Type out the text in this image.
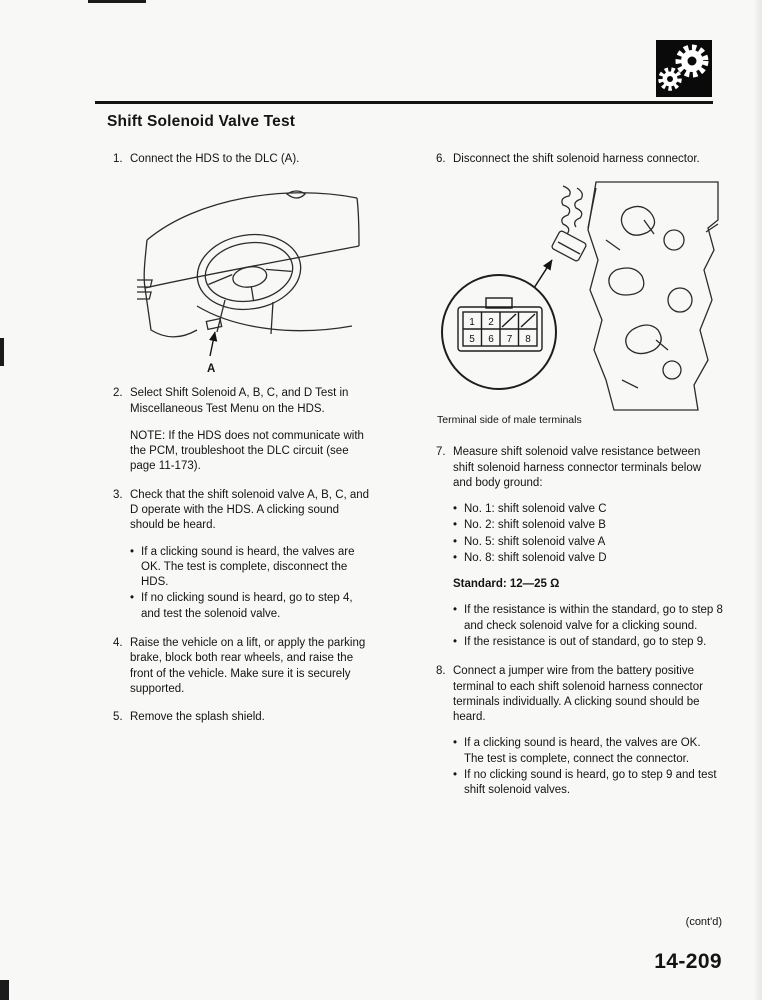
Shift Solenoid Valve Test
1. Connect the HDS to the DLC (A).
A
2. Select Shift Solenoid A, B, C, and D Test in Miscellaneous Test Menu on the HDS.

NOTE: If the HDS does not communicate with the PCM, troubleshoot the DLC circuit (see page 11-173).

3. Check that the shift solenoid valve A, B, C, and D operate with the HDS. A clicking sound should be heard.

• If a clicking sound is heard, the valves are OK. The test is complete, disconnect the HDS.
• If no clicking sound is heard, go to step 4, and test the solenoid valve.
4. Raise the vehicle on a lift, or apply the parking brake, block both rear wheels, and raise the front of the vehicle. Make sure it is securely supported.
5. Remove the splash shield.
6. Disconnect the shift solenoid harness connector.
1 2
5 6 7 8
Terminal side of male terminals
7. Measure shift solenoid valve resistance between shift solenoid harness connector terminals below and body ground:

• No. 1: shift solenoid valve C
• No. 2: shift solenoid valve B
• No. 5: shift solenoid valve A
• No. 8: shift solenoid valve D

Standard: 12—25 Ω

• If the resistance is within the standard, go to step 8 and check solenoid valve for a clicking sound.
• If the resistance is out of standard, go to step 9.
8. Connect a jumper wire from the battery positive terminal to each shift solenoid harness connector terminals individually. A clicking sound should be heard.

• If a clicking sound is heard, the valves are OK. The test is complete, connect the connector.
• If no clicking sound is heard, go to step 9 and test shift solenoid valves.
(cont'd)
14-209
